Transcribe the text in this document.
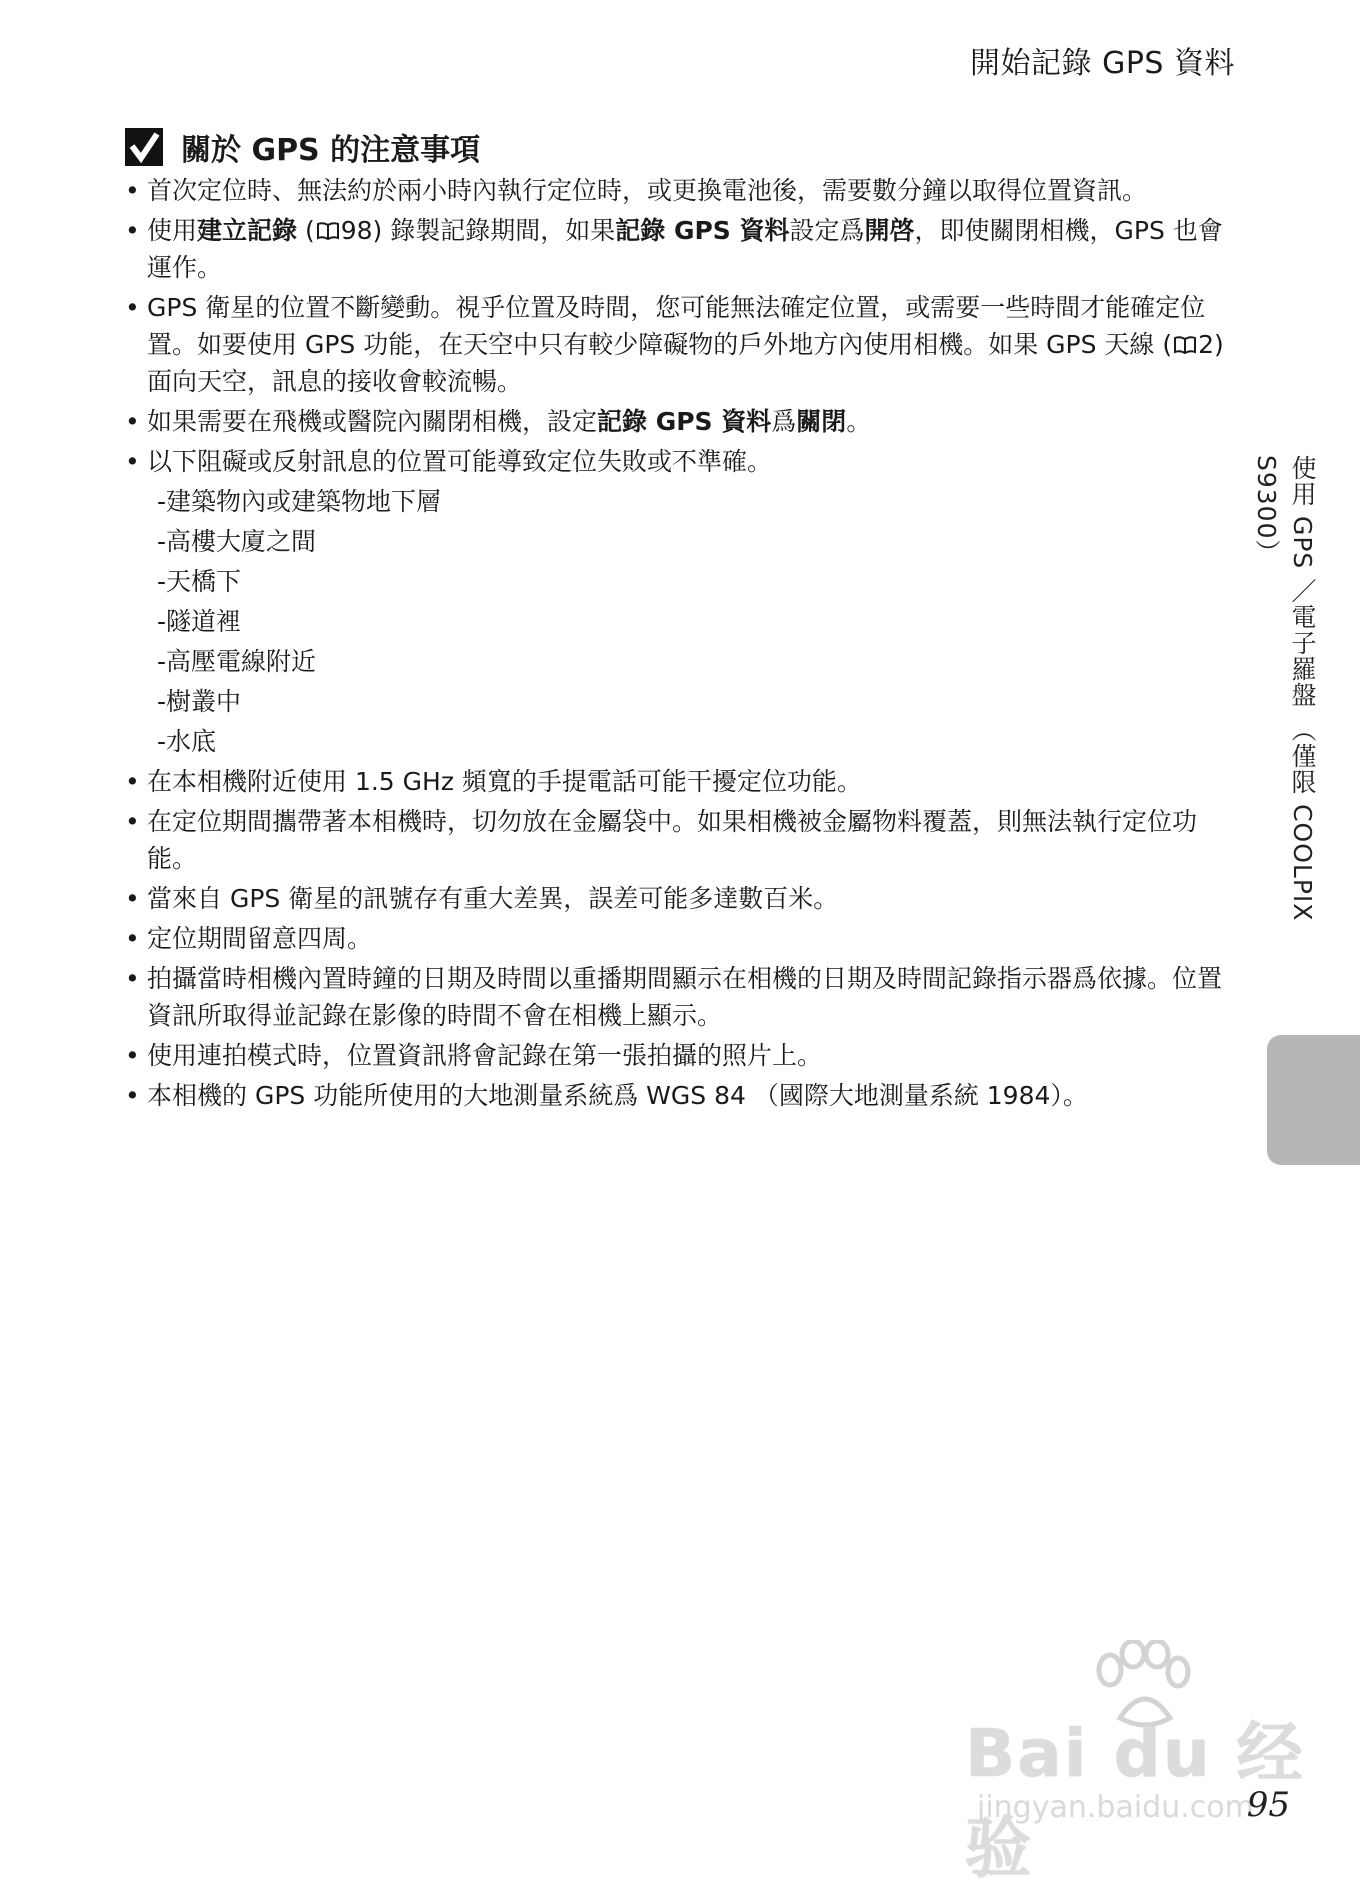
開始記錄 GPS 資料
關於 GPS 的注意事項
• 首次定位時、無法約於兩小時內執行定位時，或更換電池後，需要數分鐘以取得位置資訊。
• 使用建立記錄 ( 98) 錄製記錄期間，如果記錄 GPS 資料設定爲開啓，即使關閉相機，GPS 也會運作。
• GPS 衛星的位置不斷變動。視乎位置及時間，您可能無法確定位置，或需要一些時間才能確定位置。如要使用 GPS 功能，在天空中只有較少障礙物的戶外地方內使用相機。如果 GPS 天線 ( 2) 面向天空，訊息的接收會較流暢。
• 如果需要在飛機或醫院內關閉相機，設定記錄 GPS 資料爲關閉。
• 以下阻礙或反射訊息的位置可能導致定位失敗或不準確。
-建築物內或建築物地下層
-高樓大廈之間
-天橋下
-隧道裡
-高壓電線附近
-樹叢中
-水底
• 在本相機附近使用 1.5 GHz 頻寬的手提電話可能干擾定位功能。
• 在定位期間攜帶著本相機時，切勿放在金屬袋中。如果相機被金屬物料覆蓋，則無法執行定位功能。
• 當來自 GPS 衛星的訊號存有重大差異，誤差可能多達數百米。
• 定位期間留意四周。
• 拍攝當時相機內置時鐘的日期及時間以重播期間顯示在相機的日期及時間記錄指示器爲依據。位置資訊所取得並記錄在影像的時間不會在相機上顯示。
• 使用連拍模式時，位置資訊將會記錄在第一張拍攝的照片上。
• 本相機的 GPS 功能所使用的大地測量系統爲 WGS 84 （國際大地測量系統 1984）。
使用 GPS ／電子羅盤 （僅限 COOLPIX S9300）
Bai du 经验
jingyan.baidu.com
95
